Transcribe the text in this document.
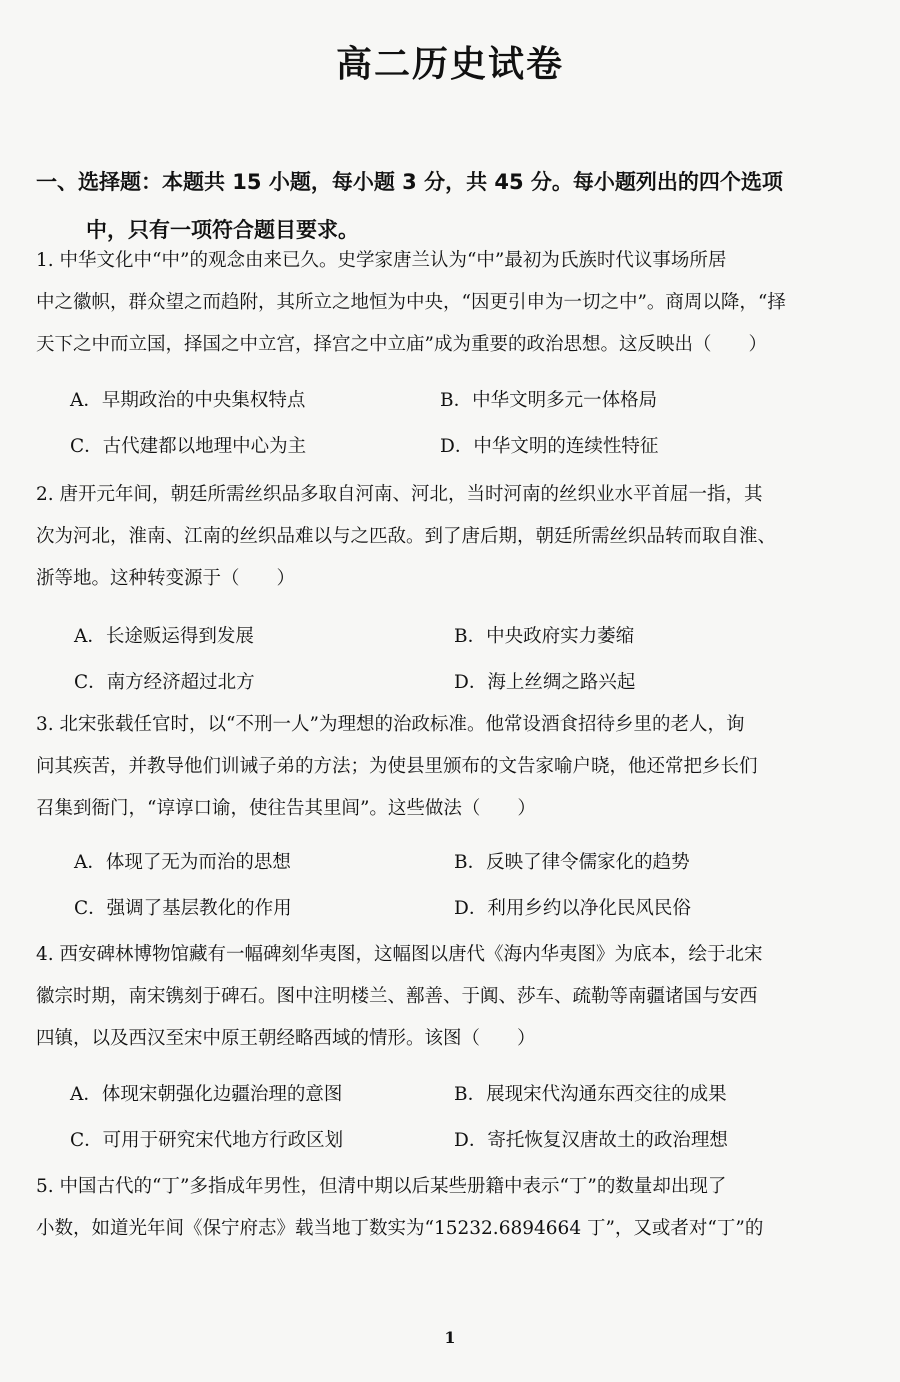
高二历史试卷
一、选择题：本题共 15 小题，每小题 3 分，共 45 分。每小题列出的四个选项
中，只有一项符合题目要求。
1. 中华文化中“中”的观念由来已久。史学家唐兰认为“中”最初为氏族时代议事场所居
中之徽帜，群众望之而趋附，其所立之地恒为中央，“因更引申为一切之中”。商周以降，“择
天下之中而立国，择国之中立宫，择宫之中立庙”成为重要的政治思想。这反映出（　　）
A．早期政治的中央集权特点	B．中华文明多元一体格局
C．古代建都以地理中心为主	D．中华文明的连续性特征
2. 唐开元年间，朝廷所需丝织品多取自河南、河北，当时河南的丝织业水平首屈一指，其
次为河北，淮南、江南的丝织品难以与之匹敌。到了唐后期，朝廷所需丝织品转而取自淮、
浙等地。这种转变源于（　　）
A．长途贩运得到发展	B．中央政府实力萎缩
C．南方经济超过北方	D．海上丝绸之路兴起
3. 北宋张载任官时，以“不刑一人”为理想的治政标准。他常设酒食招待乡里的老人，询
问其疾苦，并教导他们训诫子弟的方法；为使县里颁布的文告家喻户晓，他还常把乡长们
召集到衙门，“谆谆口谕，使往告其里闾”。这些做法（　　）
A．体现了无为而治的思想	B．反映了律令儒家化的趋势
C．强调了基层教化的作用	D．利用乡约以净化民风民俗
4. 西安碑林博物馆藏有一幅碑刻华夷图，这幅图以唐代《海内华夷图》为底本，绘于北宋
徽宗时期，南宋镌刻于碑石。图中注明楼兰、鄯善、于阗、莎车、疏勒等南疆诸国与安西
四镇，以及西汉至宋中原王朝经略西域的情形。该图（　　）
A．体现宋朝强化边疆治理的意图	B．展现宋代沟通东西交往的成果
C．可用于研究宋代地方行政区划	D．寄托恢复汉唐故土的政治理想
5. 中国古代的“丁”多指成年男性，但清中期以后某些册籍中表示“丁”的数量却出现了
小数，如道光年间《保宁府志》载当地丁数实为“15232.6894664 丁”，又或者对“丁”的
1
